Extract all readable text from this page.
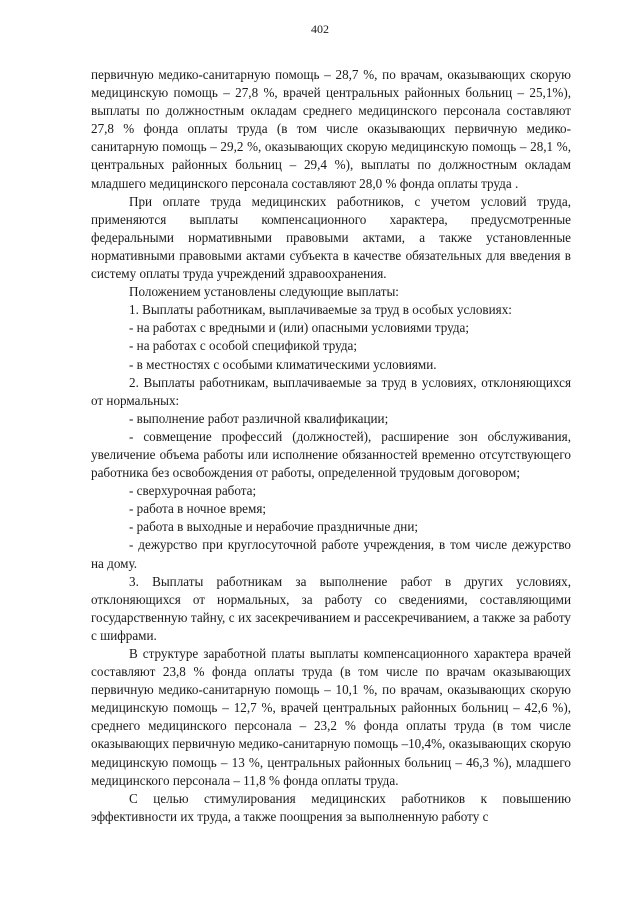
402

первичную медико-санитарную помощь – 28,7 %, по врачам, оказывающих скорую медицинскую помощь – 27,8 %, врачей центральных районных больниц – 25,1%), выплаты по должностным окладам среднего медицинского персонала составляют 27,8 % фонда оплаты труда (в том числе оказывающих первичную медико-санитарную помощь – 29,2 %, оказывающих скорую медицинскую помощь – 28,1 %, центральных районных больниц – 29,4 %), выплаты по должностным окладам младшего медицинского персонала составляют 28,0 % фонда оплаты труда .

При оплате труда медицинских работников, с учетом условий труда, применяются выплаты компенсационного характера, предусмотренные федеральными нормативными правовыми актами, а также установленные нормативными правовыми актами субъекта в качестве обязательных для введения в систему оплаты труда учреждений здравоохранения.

Положением установлены следующие выплаты:

1. Выплаты работникам, выплачиваемые за труд в особых условиях:

- на работах с вредными и (или) опасными условиями труда;

- на работах с особой спецификой труда;

- в местностях с особыми климатическими условиями.

2. Выплаты работникам, выплачиваемые за труд в условиях, отклоняющихся от нормальных:

- выполнение работ различной квалификации;

- совмещение профессий (должностей), расширение зон обслуживания, увеличение объема работы или исполнение обязанностей временно отсутствующего работника без освобождения от работы, определенной трудовым договором;

- сверхурочная работа;

- работа в ночное время;

- работа в выходные и нерабочие праздничные дни;

- дежурство при круглосуточной работе учреждения, в том числе дежурство на дому.

3. Выплаты работникам за выполнение работ в других условиях, отклоняющихся от нормальных, за работу со сведениями, составляющими государственную тайну, с их засекречиванием и рассекречиванием, а также за работу с шифрами.

В структуре заработной платы выплаты компенсационного характера врачей составляют 23,8 % фонда оплаты труда (в том числе по врачам оказывающих первичную медико-санитарную помощь – 10,1 %, по врачам, оказывающих скорую медицинскую помощь – 12,7 %, врачей центральных районных больниц – 42,6 %), среднего медицинского персонала – 23,2 % фонда оплаты труда (в том числе оказывающих первичную медико-санитарную помощь –10,4%, оказывающих скорую медицинскую помощь – 13 %, центральных районных больниц – 46,3 %), младшего медицинского персонала – 11,8 % фонда оплаты труда.

С целью стимулирования медицинских работников к повышению эффективности их труда, а также поощрения за выполненную работу с
